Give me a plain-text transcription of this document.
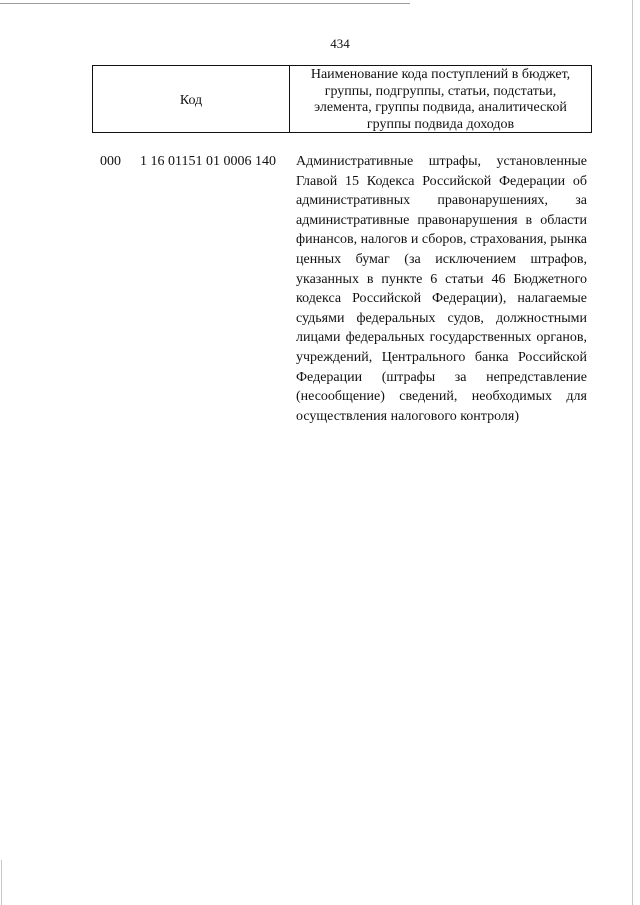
434
Код
Наименование кода поступлений в бюджет, группы, подгруппы, статьи, подстатьи, элемента, группы подвида, аналитической группы подвида доходов
000 1 16 01151 01 0006 140 Административные штрафы, установленные Главой 15 Кодекса Российской Федерации об административных правонарушениях, за административные правонарушения в области финансов, налогов и сборов, страхования, рынка ценных бумаг (за исключением штрафов, указанных в пункте 6 статьи 46 Бюджетного кодекса Российской Федерации), налагаемые судьями федеральных судов, должностными лицами федеральных государственных органов, учреждений, Центрального банка Российской Федерации (штрафы за непредставление (несообщение) сведений, необходимых для осуществления налогового контроля)
